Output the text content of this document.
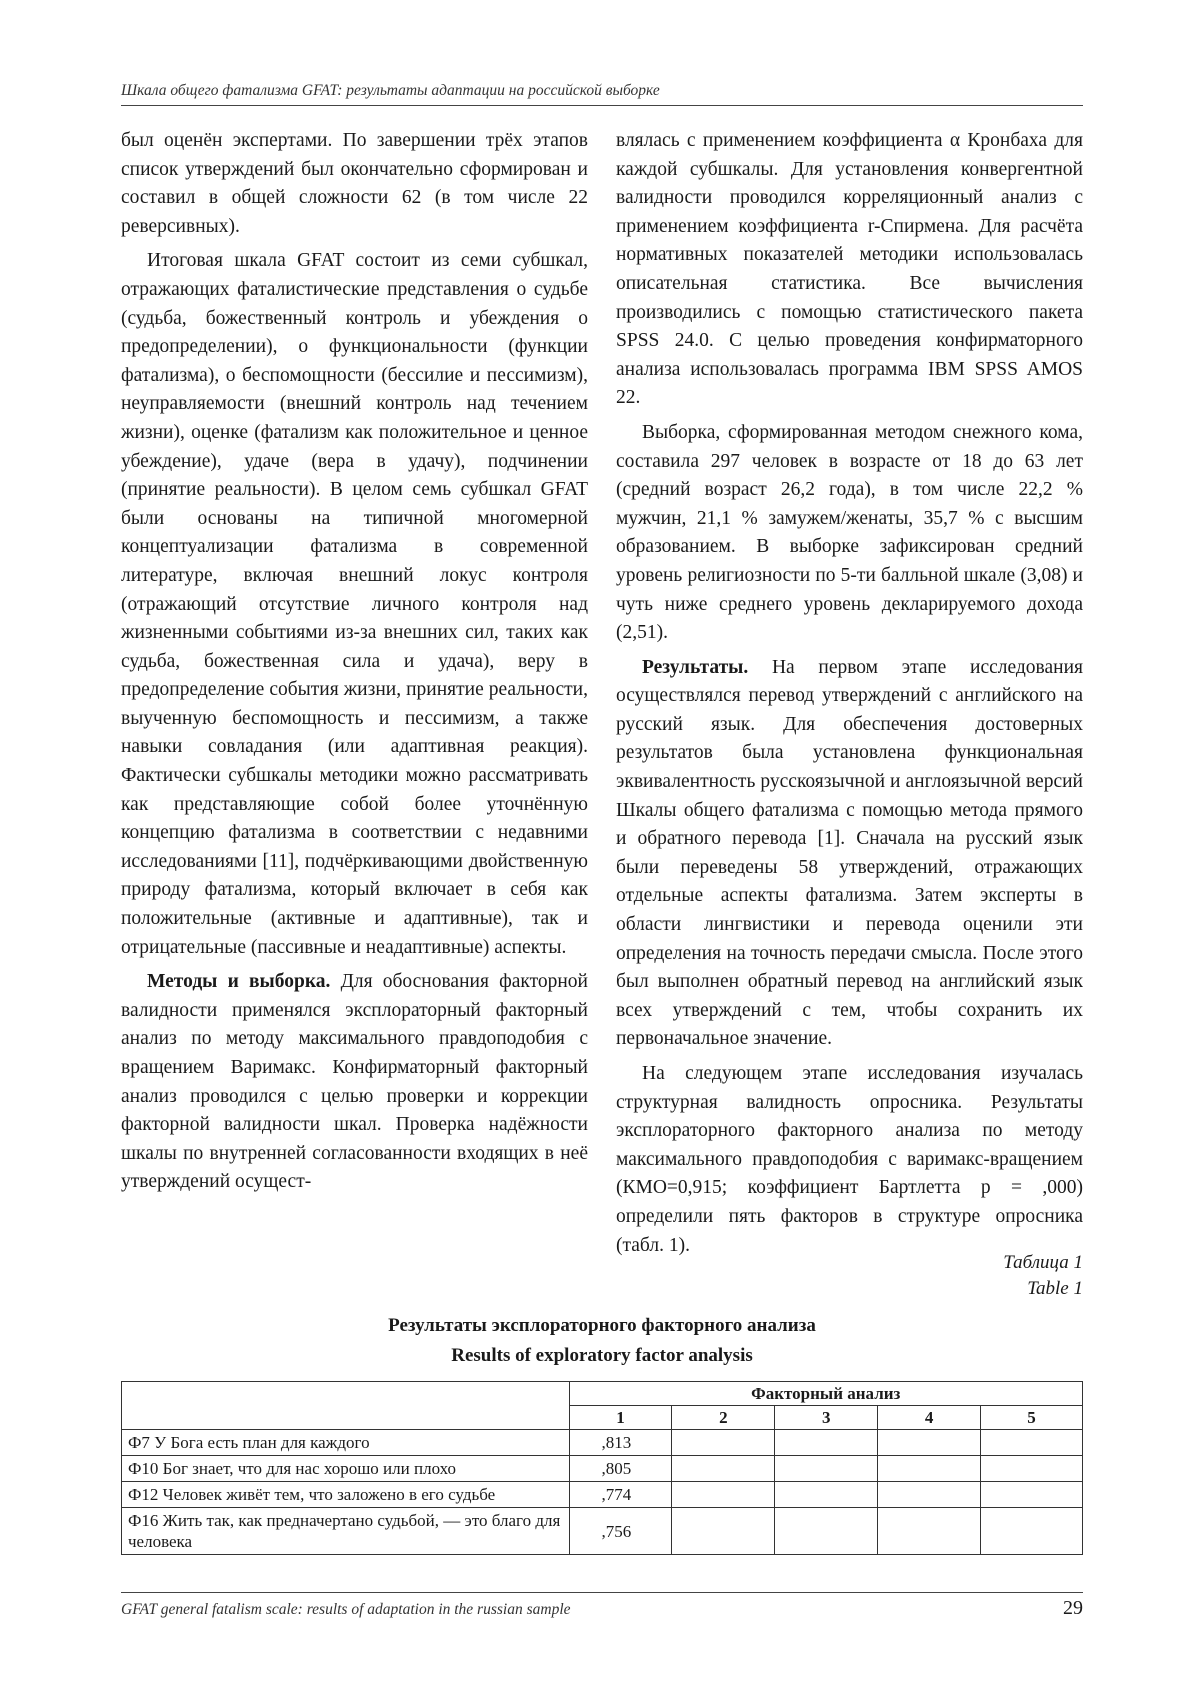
Шкала общего фатализма GFAT: результаты адаптации на российской выборке

был оценён экспертами. По завершении трёх этапов список утверждений был окончательно сформирован и составил в общей сложности 62 (в том числе 22 реверсивных).

Итоговая шкала GFAT состоит из семи субшкал, отражающих фаталистические представления о судьбе (судьба, божественный контроль и убеждения о предопределении), о функциональности (функции фатализма), о беспомощности (бессилие и пессимизм), неуправляемости (внешний контроль над течением жизни), оценке (фатализм как положительное и ценное убеждение), удаче (вера в удачу), подчинении (принятие реальности). В целом семь субшкал GFAT были основаны на типичной многомерной концептуализации фатализма в современной литературе, включая внешний локус контроля (отражающий отсутствие личного контроля над жизненными событиями из-за внешних сил, таких как судьба, божественная сила и удача), веру в предопределение события жизни, принятие реальности, выученную беспомощность и пессимизм, а также навыки совладания (или адаптивная реакция). Фактически субшкалы методики можно рассматривать как представляющие собой более уточнённую концепцию фатализма в соответствии с недавними исследованиями [11], подчёркивающими двойственную природу фатализма, который включает в себя как положительные (активные и адаптивные), так и отрицательные (пассивные и неадаптивные) аспекты.

Методы и выборка. Для обоснования факторной валидности применялся эксплораторный факторный анализ по методу максимального правдоподобия с вращением Варимакс. Конфирматорный факторный анализ проводился с целью проверки и коррекции факторной валидности шкал. Проверка надёжности шкалы по внутренней согласованности входящих в неё утверждений осущест-

влялась с применением коэффициента α Кронбаха для каждой субшкалы. Для установления конвергентной валидности проводился корреляционный анализ с применением коэффициента r-Спирмена. Для расчёта нормативных показателей методики использовалась описательная статистика. Все вычисления производились с помощью статистического пакета SPSS 24.0. С целью проведения конфирматорного анализа использовалась программа IBM SPSS AMOS 22.

Выборка, сформированная методом снежного кома, составила 297 человек в возрасте от 18 до 63 лет (средний возраст 26,2 года), в том числе 22,2 % мужчин, 21,1 % замужем/женаты, 35,7 % с высшим образованием. В выборке зафиксирован средний уровень религиозности по 5-ти балльной шкале (3,08) и чуть ниже среднего уровень декларируемого дохода (2,51).

Результаты. На первом этапе исследования осуществлялся перевод утверждений с английского на русский язык. Для обеспечения достоверных результатов была установлена функциональная эквивалентность русскоязычной и англоязычной версий Шкалы общего фатализма с помощью метода прямого и обратного перевода [1]. Сначала на русский язык были переведены 58 утверждений, отражающих отдельные аспекты фатализма. Затем эксперты в области лингвистики и перевода оценили эти определения на точность передачи смысла. После этого был выполнен обратный перевод на английский язык всех утверждений с тем, чтобы сохранить их первоначальное значение.

На следующем этапе исследования изучалась структурная валидность опросника. Результаты эксплораторного факторного анализа по методу максимального правдоподобия с варимакс-вращением (КМО=0,915; коэффициент Бартлетта p = ,000) определили пять факторов в структуре опросника (табл. 1).

Таблица 1
Table 1
Результаты эксплораторного факторного анализа
Results of exploratory factor analysis
	Факторный анализ				
	1	2	3	4	5
Ф7 У Бога есть план для каждого	,813				
Ф10 Бог знает, что для нас хорошо или плохо	,805				
Ф12 Человек живёт тем, что заложено в его судьбе	,774				
Ф16 Жить так, как предначертано судьбой, — это благо для человека	,756				
GFAT general fatalism scale: results of adaptation in the russian sample	29
